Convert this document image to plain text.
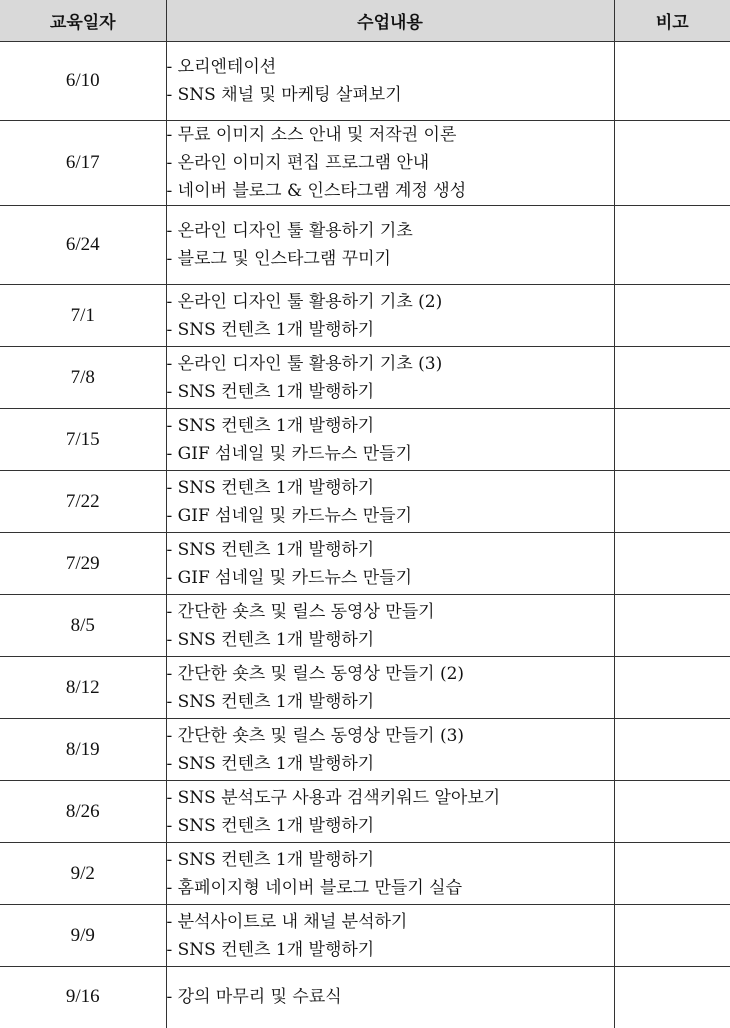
교육일자	수업내용	비고
6/10	- 오리엔테이션
- SNS 채널 및 마케팅 살펴보기	

6/17	- 무료 이미지 소스 안내 및 저작권 이론
- 온라인 이미지 편집 프로그램 안내
- 네이버 블로그 & 인스타그램 계정 생성	

6/24	- 온라인 디자인 툴 활용하기 기초
- 블로그 및 인스타그램 꾸미기	

7/1	- 온라인 디자인 툴 활용하기 기초 (2)
- SNS 컨텐츠 1개 발행하기	

7/8	- 온라인 디자인 툴 활용하기 기초 (3)
- SNS 컨텐츠 1개 발행하기	

7/15	- SNS 컨텐츠 1개 발행하기
- GIF 섬네일 및 카드뉴스 만들기	

7/22	- SNS 컨텐츠 1개 발행하기
- GIF 섬네일 및 카드뉴스 만들기	

7/29	- SNS 컨텐츠 1개 발행하기
- GIF 섬네일 및 카드뉴스 만들기	

8/5	- 간단한 숏츠 및 릴스 동영상 만들기
- SNS 컨텐츠 1개 발행하기	

8/12	- 간단한 숏츠 및 릴스 동영상 만들기 (2)
- SNS 컨텐츠 1개 발행하기	

8/19	- 간단한 숏츠 및 릴스 동영상 만들기 (3)
- SNS 컨텐츠 1개 발행하기	

8/26	- SNS 분석도구 사용과 검색키워드 알아보기
- SNS 컨텐츠 1개 발행하기	

9/2	- SNS 컨텐츠 1개 발행하기
- 홈페이지형 네이버 블로그 만들기 실습	

9/9	- 분석사이트로 내 채널 분석하기
- SNS 컨텐츠 1개 발행하기	

9/16	- 강의 마무리 및 수료식	
